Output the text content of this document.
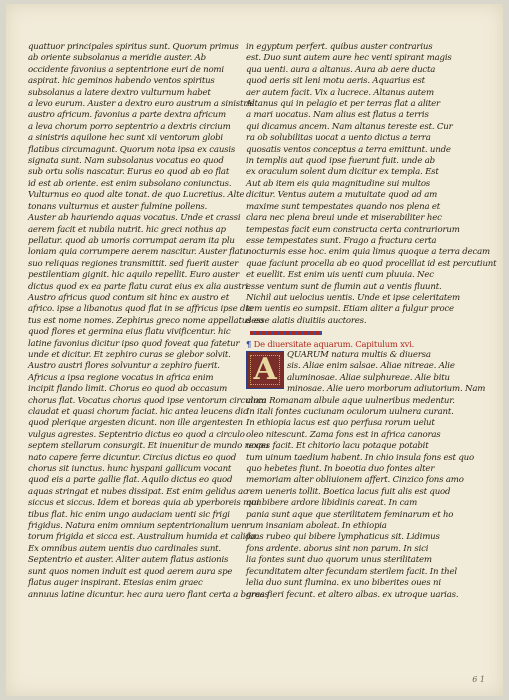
quattuor principales spiritus sunt. Quorum primus
ab oriente subsolanus a meridie auster. Ab
occidente favonius a septentrione euri de nomi
aspirat. hic geminos habendo ventos spiritus
subsolanus a latere dextro vulturnum habet
a levo eurum. Auster a dextro euro austrum a sinistris
austro africum. favonius a parte dextra africum
a leva chorum porro septentrio a dextris circium
a sinistris aquilone hec sunt xii ventorum globi
flatibus circumagunt. Quorum nota ipsa ex causis
signata sunt. Nam subsolanus vocatus eo quod
sub ortu solis nascatur. Eurus eo quod ab eo flat
id est ab oriente. est enim subsolano coniunctus.
Vulturnus eo quod alte tonat. de quo Lucretius. Alte
tonans vulturnus et auster fulmine pollens.
Auster ab hauriendo aquas vocatus. Unde et crassi
aerem facit et nubila nutrit. hic greci nothus ap
pellatur. quod ab umoris corrumpat aeram ita plu
loniam quia corrumpere aerem nascitur. Auster flatu
suo reliquas regiones transmittit. sed fuerit auster
pestilentiam gignit. hic aquilo repellit. Euro auster
dictus quod ex ea parte flatu curat eius ex alia austri.
Austro africus quod contum sit hinc ex austro et
africo. ipse a libanotus quod flat in se affricus ipse dic
tus est nome nomes. Zephirus greco nome appellatus eo
quod flores et germina eius flatu vivificentur. hic
latine favonius dicitur ipso quod foveat qua fatetur
unde et dicitur. Et zephiro curas se glebor solvit.
Austro austri flores solvuntur a zephiro fuerit.
Africus a ipsa regione vocatus in africa enim
incipit flando limit. Chorus eo quod ab occasum
chorus flat. Vocatus chorus quod ipse ventorum circulum
claudat et quasi chorum faciat. hic antea leucens dic
quod plerique argesten dicunt. non ille argentesten
vulgus agrestes. Septentrio dictus eo quod a circulo
septem stellarum consurgit. Et inuenitur de mundo rexpu
nato capere ferre dicuntur. Circius dictus eo quod
chorus sit iunctus. hunc hyspani gallicum vocant
quod eis a parte gallie flat. Aquilo dictus eo quod
aquas stringat et nubes dissipat. Est enim gelidus ac
siccus et siccus. Idem et boreas quia ab yperboreis mon
tibus flat. hic enim ungo audaciam uenti sic frigi
frigidus. Natura enim omnium septentrionalium uen
torum frigida et sicca est. Australium humida et calida.
Ex omnibus autem uentis duo cardinales sunt.
Septentrio et auster. Aliter autem flatus astionis
sunt quos nomen induit est quod aerem aura spe
flatus auger inspirant. Etesias enim graec
annuus latine dicuntur. hec aura uero flant certa a boreas
in egyptum perfert. quibus auster contrarius
est. Duo sunt autem aure hec venti spirant magis
qua uenti. aura a altanus. Aura ab aere ducta
quod aeris sit leni motu aeris. Aquarius est
aer autem facit. Vix a lucrece. Altanus autem
Altanus qui in pelagio et per terras flat a aliter
a mari uocatus. Nam alius est flatus a terris
qui dicamus ancem. Nam altanus tereste est. Cur
ra ob solubilitas uocat a uento dictus a terra
quosatis ventos conceptus a terra emittunt. unde
in templis aut quod ipse fuerunt fuit. unde ab
ex oraculum solent dum dicitur ex templa. Est
Aut ab item eis quia magnitudine sui multos
dicitur. Ventus autem a mutuitate quod ad am
maxime sunt tempestates quando nos plena et
clara nec plena breui unde et miserabiliter hec
tempestas facit eum constructa certa contrariorum
esse tempestates sunt. Frago a fractura certa
nocturnis esse hoc. enim quia limus quoque a terra decam
quae faciunt procella ab eo quod procelllat id est percutiunt
et euellit. Est enim uis uenti cum pluuia. Nec
esse ventum sunt de flumin aut a ventis fluunt.
Nichil aut uelocius uentis. Unde et ipse celeritatem
tem uentis eo sumpsit. Etiam aliter a fulgur proce
desse alatis diuitiis auctores.
¶ De diuersitate aquarum. Capitulum xvi.
A	QUARUM natura multis & diuersa
sis. Aliae enim salsae. Aliae nitreae. Alie
aluminosae. Aliae sulphureae. Alie bitu
minosae. Alie uero morborum adiutorium. Nam
circa Romanam albule aque uulneribus medentur.
In itali fontes cuciunam oculorum uulnera curant.
In ethiopia lacus est quo perfusa rorum uelut
oleo nitescunt. Zama fons est in africa canoras
uoces facit. Et chitorio lacu potaque potabit
tum uinum taedium habent. In chio insula fons est quo
quo hebetes fiunt. In boeotia duo fontes alter
memoriam alter obliuionem affert. Cinzico fons amo
rem ueneris tollit. Boetica lacus fuit alis est quod
qui bibere ardore libidinis careat. In cam
pania sunt aque que sterilitatem feminarum et ho
rum insaniam aboleat. In ethiopia
fons rubeo qui bibere lymphaticus sit. Lidimus
fons ardente. aborus sint non parum. In sici
lia fontes sunt duo quorum unus sterilitatem
fecunditatem alter fecundam sterilem facit. In thel
lelia duo sunt flumina. ex uno biberites oues ni
gras fieri fecunt. et altero albas. ex utroque uarias.
6 1
